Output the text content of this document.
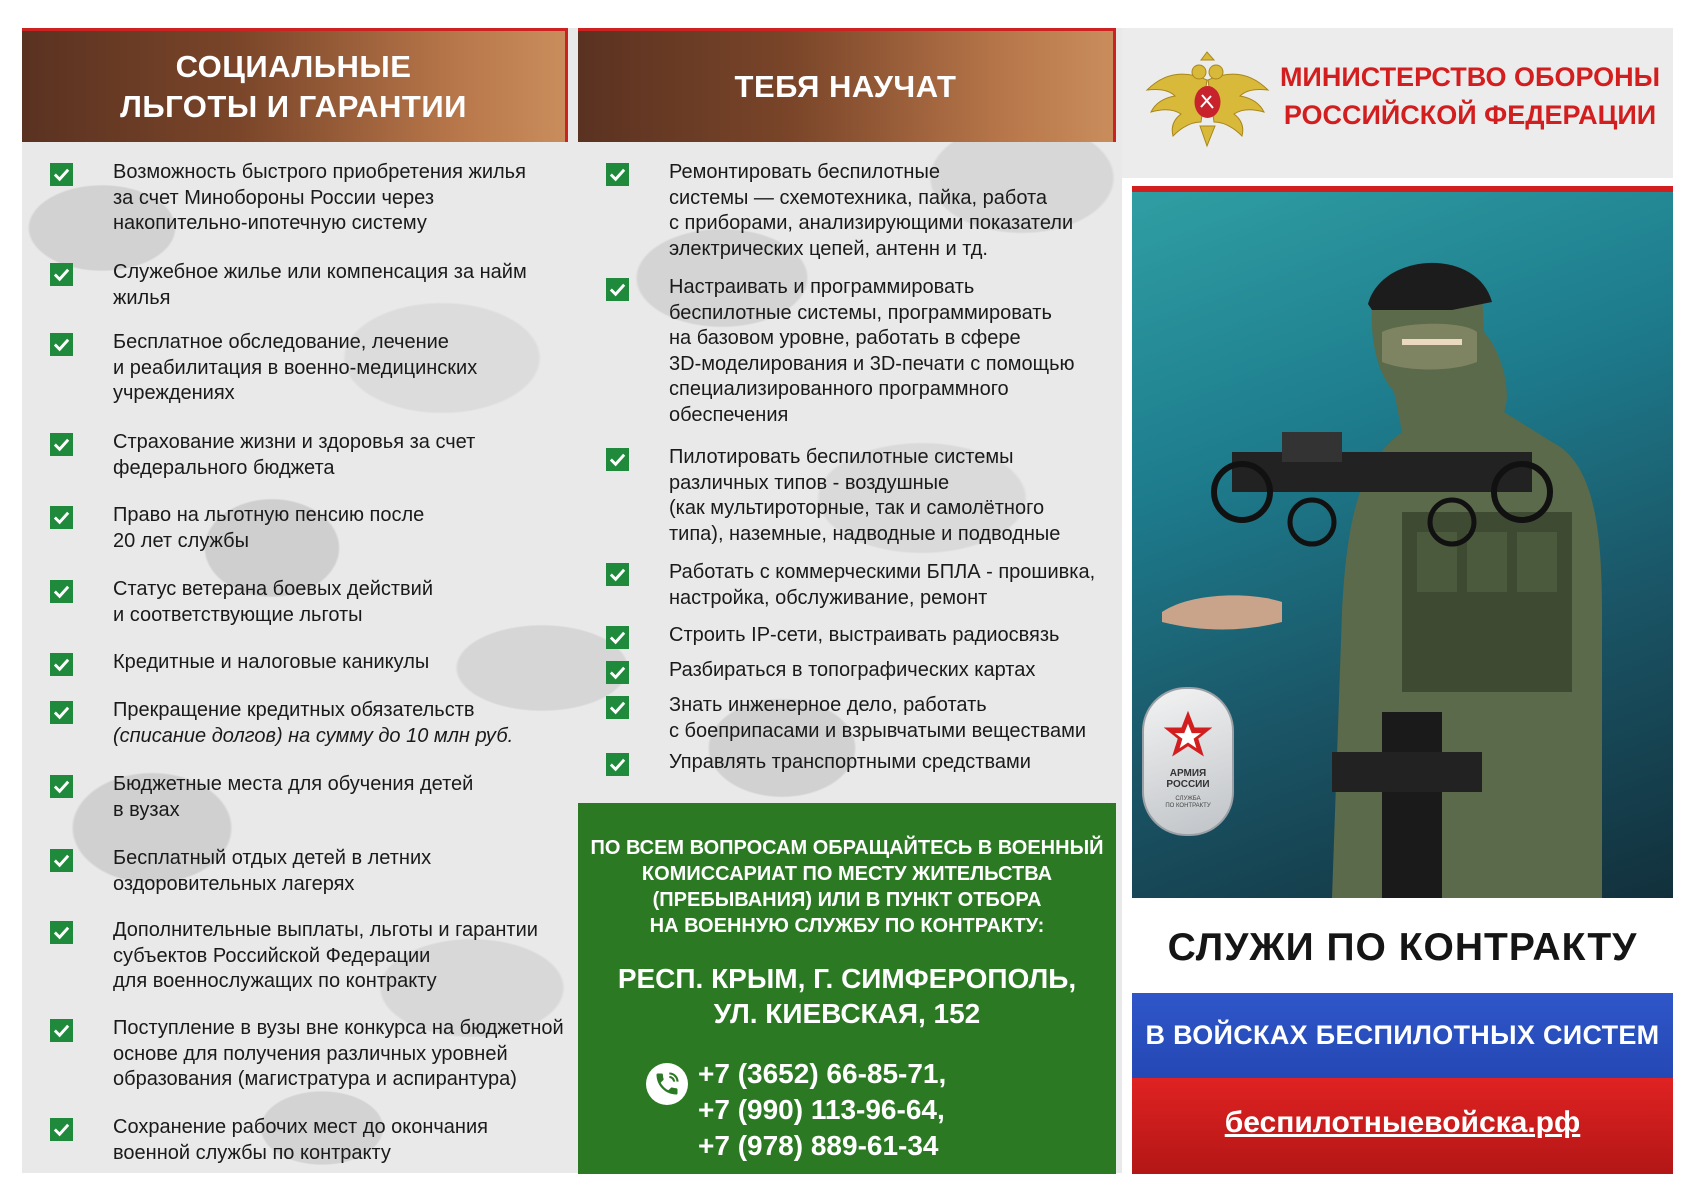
СОЦИАЛЬНЫЕ
ЛЬГОТЫ И ГАРАНТИИ
Возможность быстрого приобретения жилья
за счет Минобороны России через
накопительно-ипотечную систему
Служебное жилье или компенсация за найм
жилья
Бесплатное обследование, лечение
и реабилитация в военно-медицинских
учреждениях
Страхование жизни и здоровья за счет
федерального бюджета
Право на льготную пенсию после
20 лет службы
Статус ветерана боевых действий
и соответствующие льготы
Кредитные и налоговые каникулы
Прекращение кредитных обязательств
(списание долгов) на сумму до 10 млн руб.
Бюджетные места для обучения детей
в вузах
Бесплатный отдых детей в летних
оздоровительных лагерях
Дополнительные выплаты, льготы и гарантии
субъектов Российской Федерации
для военнослужащих по контракту
Поступление в вузы вне конкурса на бюджетной
основе для получения различных уровней
образования (магистратура и аспирантура)
Сохранение рабочих мест до окончания
военной службы по контракту
ТЕБЯ НАУЧАТ
Ремонтировать беспилотные
системы — схемотехника, пайка, работа
с приборами, анализирующими показатели
электрических цепей, антенн и тд.
Настраивать и программировать
беспилотные системы, программировать
на базовом уровне, работать в сфере
3D-моделирования и 3D-печати с помощью
специализированного программного
обеспечения
Пилотировать беспилотные системы
различных типов - воздушные
(как мультироторные, так и самолётного
типа), наземные, надводные и подводные
Работать с коммерческими БПЛА - прошивка,
настройка, обслуживание, ремонт
Строить IP-сети, выстраивать радиосвязь
Разбираться в топографических картах
Знать инженерное дело, работать
с боеприпасами и взрывчатыми веществами
Управлять транспортными средствами
ПО ВСЕМ ВОПРОСАМ ОБРАЩАЙТЕСЬ В ВОЕННЫЙ
КОМИССАРИАТ ПО МЕСТУ ЖИТЕЛЬСТВА
(ПРЕБЫВАНИЯ) ИЛИ В ПУНКТ ОТБОРА
НА ВОЕННУЮ СЛУЖБУ ПО КОНТРАКТУ:
РЕСП. КРЫМ, Г. СИМФЕРОПОЛЬ,
УЛ. КИЕВСКАЯ, 152
+7 (3652) 66-85-71,
+7 (990) 113-96-64,
+7 (978) 889-61-34
МИНИСТЕРСТВО ОБОРОНЫ
РОССИЙСКОЙ ФЕДЕРАЦИИ
АРМИЯ
РОССИИ
СЛУЖБА
ПО КОНТРАКТУ
СЛУЖИ ПО КОНТРАКТУ
В ВОЙСКАХ БЕСПИЛОТНЫХ СИСТЕМ
беспилотныевойска.рф
